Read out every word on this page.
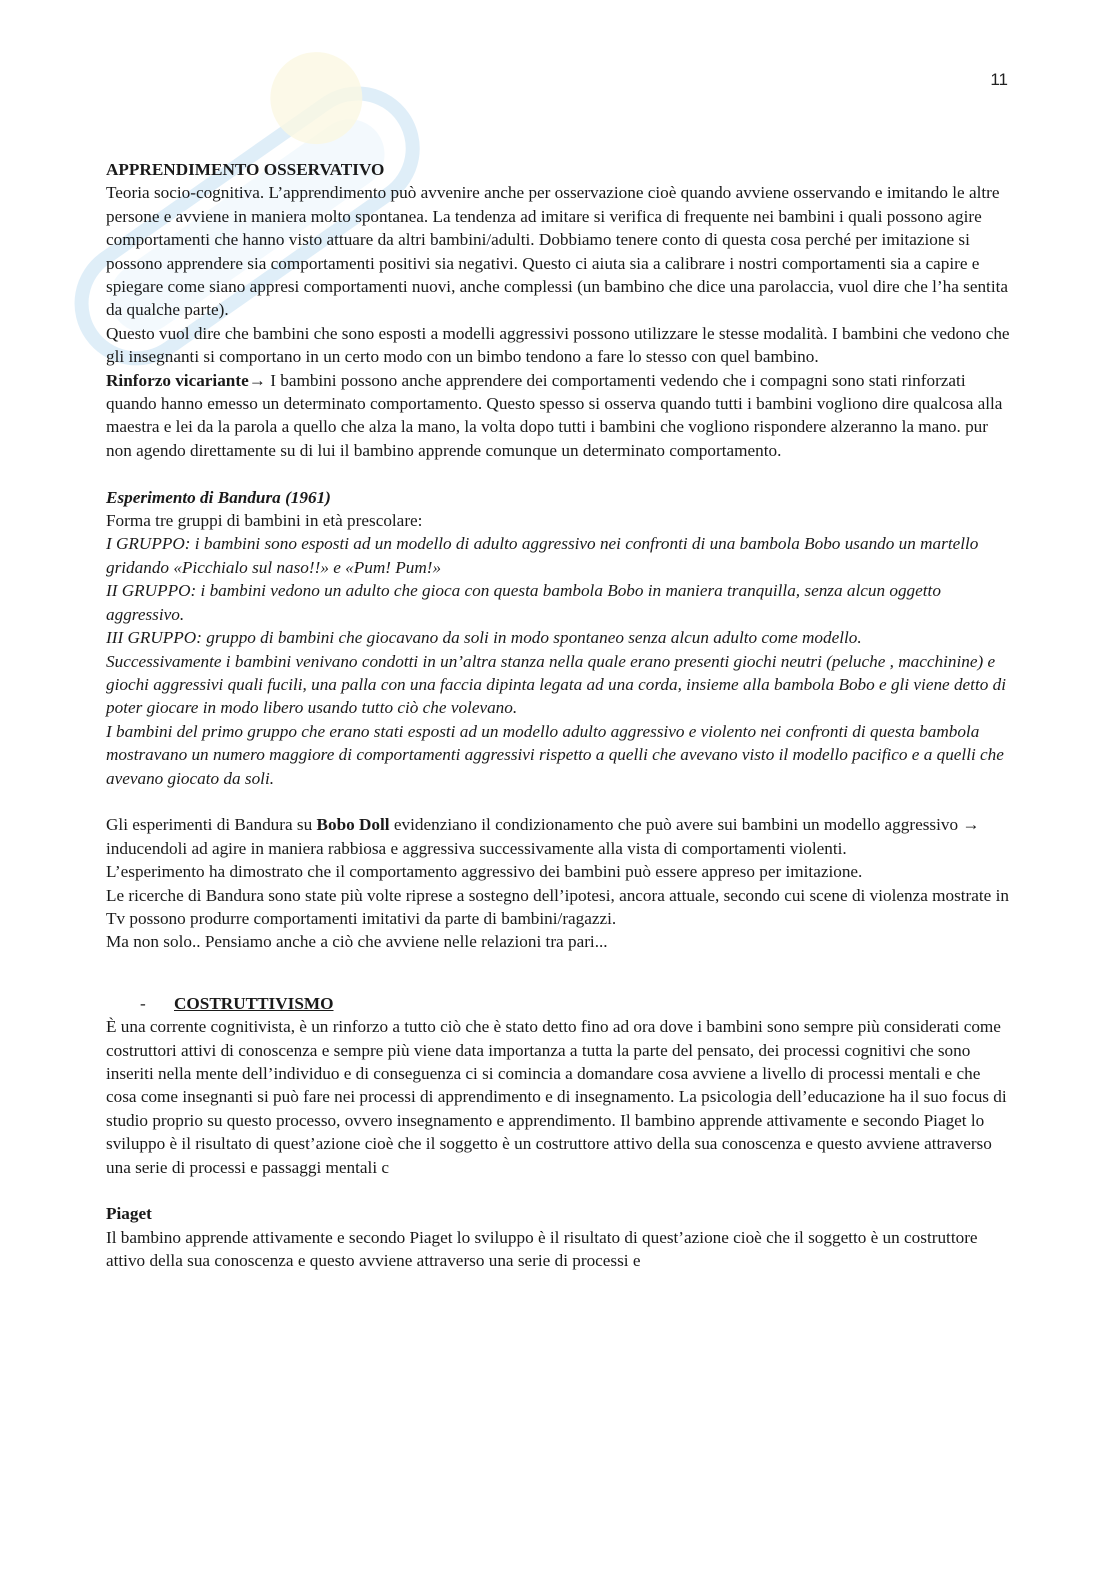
11

APPRENDIMENTO OSSERVATIVO

Teoria socio-cognitiva. L’apprendimento può avvenire anche per osservazione cioè quando avviene osservando e imitando le altre persone e avviene in maniera molto spontanea. La tendenza ad imitare si verifica di frequente nei bambini i quali possono agire comportamenti che hanno visto attuare da altri bambini/adulti. Dobbiamo tenere conto di questa cosa perché per imitazione si possono apprendere sia comportamenti positivi sia negativi. Questo ci aiuta sia a calibrare i nostri comportamenti sia a capire e spiegare come siano appresi comportamenti nuovi, anche complessi (un bambino che dice una parolaccia, vuol dire che l’ha sentita da qualche parte).

Questo vuol dire che bambini che sono esposti a modelli aggressivi possono utilizzare le stesse modalità. I bambini che vedono che gli insegnanti si comportano in un certo modo con un bimbo tendono a fare lo stesso con quel bambino.

Rinforzo vicariante→ I bambini possono anche apprendere dei comportamenti vedendo che i compagni sono stati rinforzati quando hanno emesso un determinato comportamento. Questo spesso si osserva quando tutti i bambini vogliono dire qualcosa alla maestra e lei da la parola a quello che alza la mano, la volta dopo tutti i bambini che vogliono rispondere alzeranno la mano. pur non agendo direttamente su di lui il bambino apprende comunque un determinato comportamento.

Esperimento di Bandura (1961)

Forma tre gruppi di bambini in età prescolare:

I GRUPPO: i bambini sono esposti ad un modello di adulto aggressivo nei confronti di una bambola Bobo usando un martello gridando «Picchialo sul naso!!» e «Pum! Pum!»

II GRUPPO: i bambini vedono un adulto che gioca con questa bambola Bobo in maniera tranquilla, senza alcun oggetto aggressivo.

III GRUPPO: gruppo di bambini che giocavano da soli in modo spontaneo senza alcun adulto come modello.

Successivamente i bambini venivano condotti in un’altra stanza nella quale erano presenti giochi neutri (peluche , macchinine) e giochi aggressivi quali fucili, una palla con una faccia dipinta legata ad una corda, insieme alla bambola Bobo e gli viene detto di poter giocare in modo libero usando tutto ciò che volevano.

I bambini del primo gruppo che erano stati esposti ad un modello adulto aggressivo e violento nei confronti di questa bambola mostravano un numero maggiore di comportamenti aggressivi rispetto a quelli che avevano visto il modello pacifico e a quelli che avevano giocato da soli.

Gli esperimenti di Bandura su Bobo Doll evidenziano il condizionamento che può avere sui bambini un modello aggressivo → inducendoli ad agire in maniera rabbiosa e aggressiva successivamente alla vista di comportamenti violenti.

L’esperimento ha dimostrato che il comportamento aggressivo dei bambini può essere appreso per imitazione.

Le ricerche di Bandura sono state più volte riprese a sostegno dell’ipotesi, ancora attuale, secondo cui scene di violenza mostrate in Tv possono produrre comportamenti imitativi da parte di bambini/ragazzi.

Ma non solo.. Pensiamo anche a ciò che avviene nelle relazioni tra pari...

- COSTRUTTIVISMO

È una corrente cognitivista, è un rinforzo a tutto ciò che è stato detto fino ad ora dove i bambini sono sempre più considerati come costruttori attivi di conoscenza e sempre più viene data importanza a tutta la parte del pensato, dei processi cognitivi che sono inseriti nella mente dell’individuo e di conseguenza ci si comincia a domandare cosa avviene a livello di processi mentali e che cosa come insegnanti si può fare nei processi di apprendimento e di insegnamento. La psicologia dell’educazione ha il suo focus di studio proprio su questo processo, ovvero insegnamento e apprendimento. Il bambino apprende attivamente e secondo Piaget lo sviluppo è il risultato di quest’azione cioè che il soggetto è un costruttore attivo della sua conoscenza e questo avviene attraverso una serie di processi e passaggi mentali c

Piaget

Il bambino apprende attivamente e secondo Piaget lo sviluppo è il risultato di quest’azione cioè che il soggetto è un costruttore attivo della sua conoscenza e questo avviene attraverso una serie di processi e
